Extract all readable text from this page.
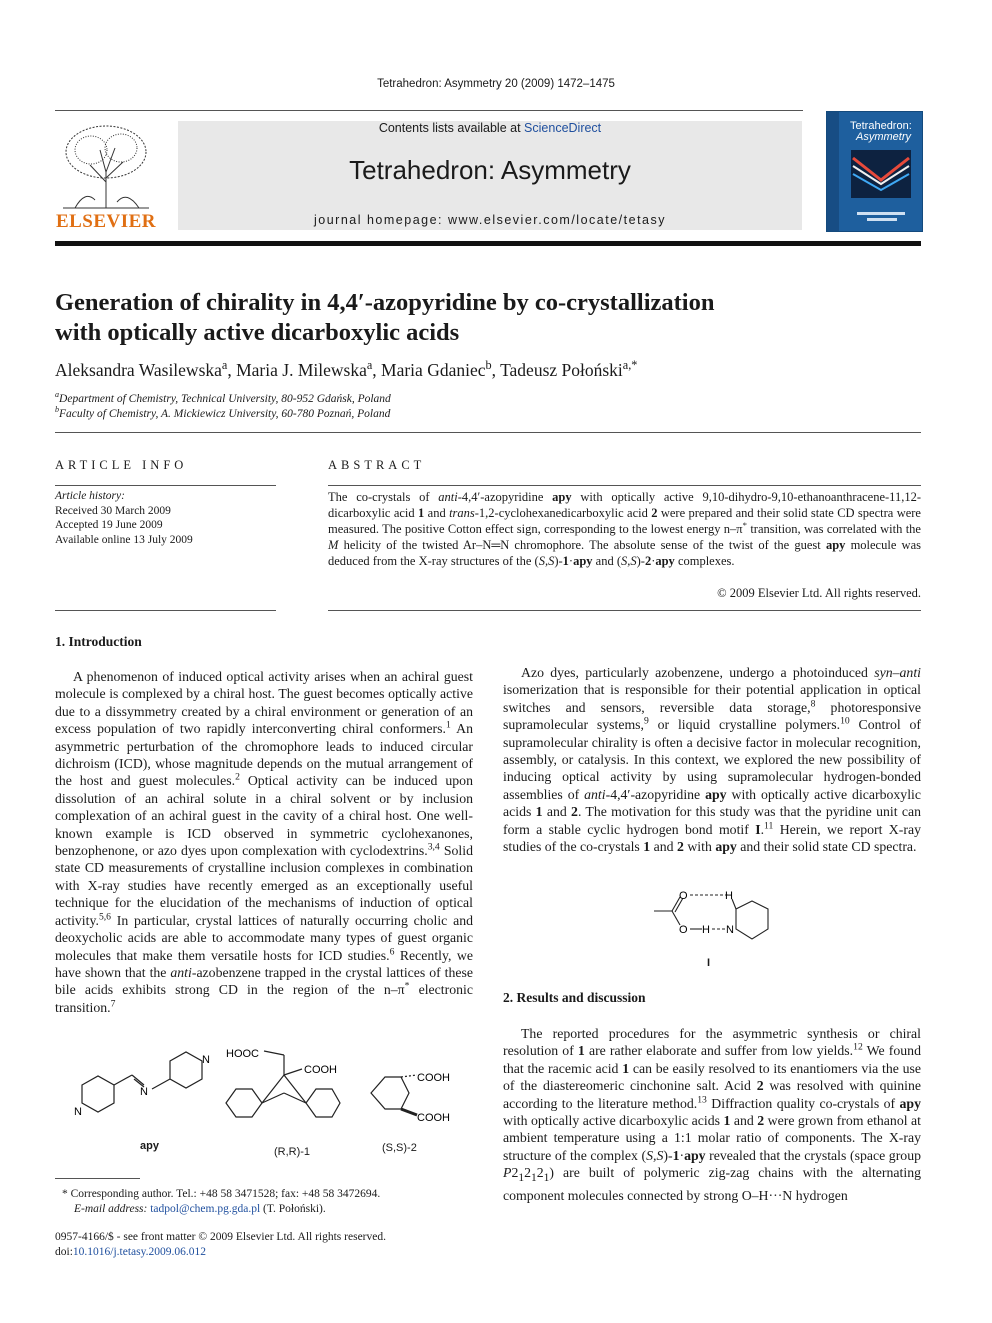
Tetrahedron: Asymmetry 20 (2009) 1472–1475
ELSEVIER
Contents lists available at ScienceDirect
Tetrahedron: Asymmetry
journal homepage: www.elsevier.com/locate/tetasy
Tetrahedron:
Asymmetry
Generation of chirality in 4,4′-azopyridine by co-crystallization
with optically active dicarboxylic acids
Aleksandra Wasilewska$^a$, Maria J. Milewska$^a$, Maria Gdaniec$^b$, Tadeusz Połoński$^{a,*}$
$^a$Department of Chemistry, Technical University, 80-952 Gdańsk, Poland
$^b$Faculty of Chemistry, A. Mickiewicz University, 60-780 Poznań, Poland
ARTICLE INFO
Article history:
Received 30 March 2009
Accepted 19 June 2009
Available online 13 July 2009
ABSTRACT
The co-crystals of anti-4,4′-azopyridine apy with optically active 9,10-dihydro-9,10-ethanoanthracene-11,12-dicarboxylic acid 1 and trans-1,2-cyclohexanedicarboxylic acid 2 were prepared and their solid state CD spectra were measured. The positive Cotton effect sign, corresponding to the lowest energy n–π* transition, was correlated with the M helicity of the twisted Ar–N═N chromophore. The absolute sense of the twist of the guest apy molecule was deduced from the X-ray structures of the (S,S)-1·apy and (S,S)-2·apy complexes.
© 2009 Elsevier Ltd. All rights reserved.
1. Introduction

A phenomenon of induced optical activity arises when an achiral guest molecule is complexed by a chiral host. The guest becomes optically active due to a dissymmetry created by a chiral environment or generation of an excess population of two rapidly interconverting chiral conformers.$^1$ An asymmetric perturbation of the chromophore leads to induced circular dichroism (ICD), whose magnitude depends on the mutual arrangement of the host and guest molecules.$^2$ Optical activity can be induced upon dissolution of an achiral solute in a chiral solvent or by inclusion complexation of an achiral guest in the cavity of a chiral host. One well-known example is ICD observed in symmetric cyclohexanones, benzophenone, or azo dyes upon complexation with cyclodextrins.$^{3,4}$ Solid state CD measurements of crystalline inclusion complexes in combination with X-ray studies have recently emerged as an exceptionally useful technique for the elucidation of the mechanisms of induction of optical activity.$^{5,6}$ In particular, crystal lattices of naturally occurring cholic and deoxycholic acids are able to accommodate many types of guest organic molecules that make them versatile hosts for ICD studies.$^6$ Recently, we have shown that the anti-azobenzene trapped in the crystal lattices of these bile acids exhibits strong CD in the region of the n–π* electronic transition.$^7$

N
N
N
apy
HOOC
COOH
(R,R)-1
COOH
COOH
(S,S)-2
* Corresponding author. Tel.: +48 58 3471528; fax: +48 58 3472694.
E-mail address: tadpol@chem.pg.gda.pl (T. Połoński).
0957-4166/$ - see front matter © 2009 Elsevier Ltd. All rights reserved.
doi:10.1016/j.tetasy.2009.06.012

Azo dyes, particularly azobenzene, undergo a photoinduced syn–anti isomerization that is responsible for their potential application in optical switches and sensors, reversible data storage,$^8$ photoresponsive supramolecular systems,$^9$ or liquid crystalline polymers.$^{10}$ Control of supramolecular chirality is often a decisive factor in molecular recognition, assembly, or catalysis. In this context, we explored the new possibility of inducing optical activity by using supramolecular hydrogen-bonded assemblies of anti-4,4′-azopyridine apy with optically active dicarboxylic acids 1 and 2. The motivation for this study was that the pyridine unit can form a stable cyclic hydrogen bond motif I.$^{11}$ Herein, we report X-ray studies of the co-crystals 1 and 2 with apy and their solid state CD spectra.

O
O
H
H N
I
2. Results and discussion

The reported procedures for the asymmetric synthesis or chiral resolution of 1 are rather elaborate and suffer from low yields.$^{12}$ We found that the racemic acid 1 can be easily resolved to its enantiomers via the use of the diastereomeric cinchonine salt. Acid 2 was resolved with quinine according to the literature method.$^{13}$ Diffraction quality co-crystals of apy with optically active dicarboxylic acids 1 and 2 were grown from ethanol at ambient temperature using a 1:1 molar ratio of components. The X-ray structure of the complex (S,S)-1·apy revealed that the crystals (space group $P2_12_12_1$) are built of polymeric zig-zag chains with the alternating component molecules connected by strong O–H···N hydrogen
